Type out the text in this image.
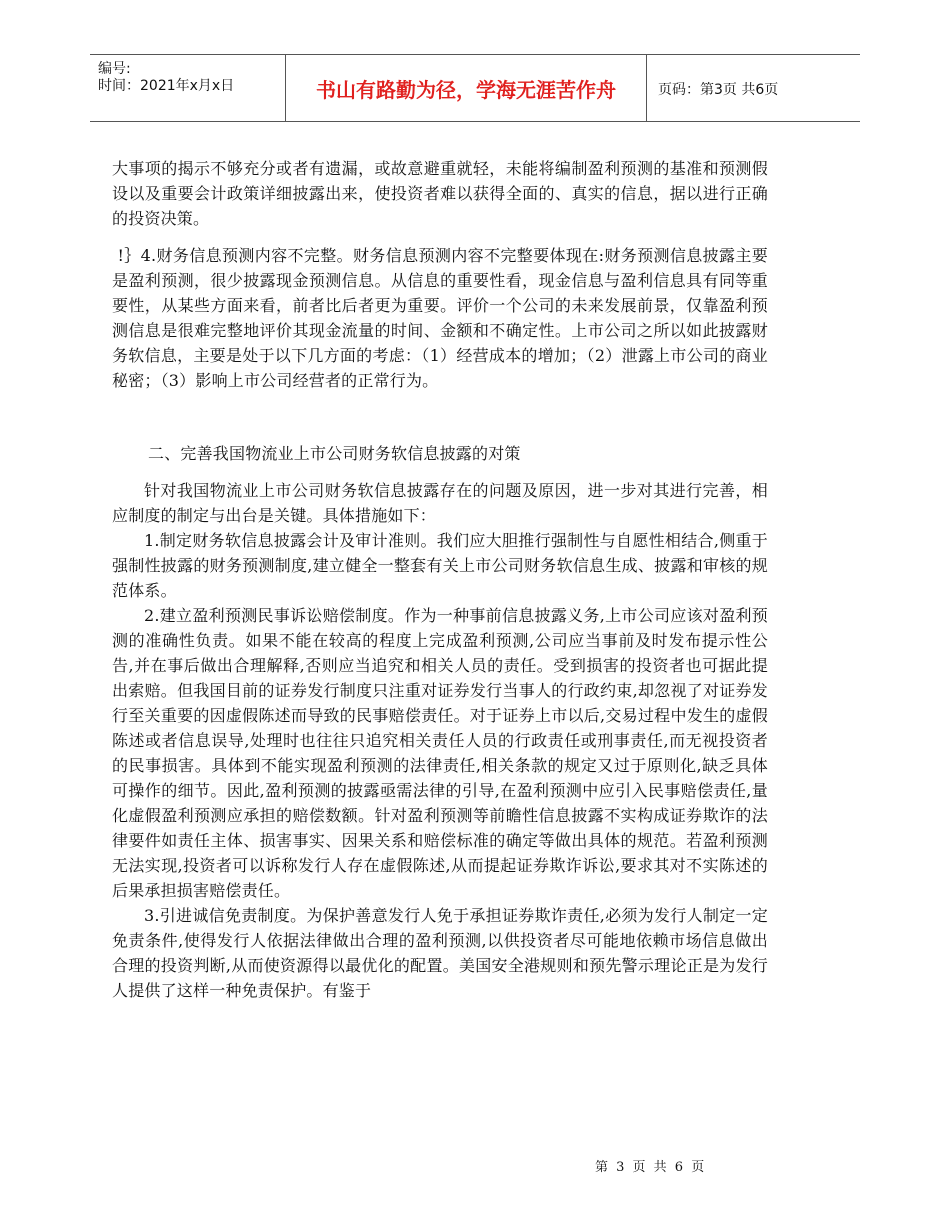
编号:
时间：2021年x月x日	书山有路勤为径，学海无涯苦作舟	页码：第3页 共6页

大事项的揭示不够充分或者有遗漏，或故意避重就轻，未能将编制盈利预测的基准和预测假设以及重要会计政策详细披露出来，使投资者难以获得全面的、真实的信息，据以进行正确的投资决策。

!｝4.财务信息预测内容不完整。财务信息预测内容不完整要体现在:财务预测信息披露主要是盈利预测，很少披露现金预测信息。从信息的重要性看，现金信息与盈利信息具有同等重要性，从某些方面来看，前者比后者更为重要。评价一个公司的未来发展前景，仅靠盈利预测信息是很难完整地评价其现金流量的时间、金额和不确定性。上市公司之所以如此披露财务软信息，主要是处于以下几方面的考虑：（1）经营成本的增加；（2）泄露上市公司的商业秘密；（3）影响上市公司经营者的正常行为。

二、完善我国物流业上市公司财务软信息披露的对策

针对我国物流业上市公司财务软信息披露存在的问题及原因，进一步对其进行完善，相应制度的制定与出台是关键。具体措施如下：

1.制定财务软信息披露会计及审计准则。我们应大胆推行强制性与自愿性相结合,侧重于强制性披露的财务预测制度,建立健全一整套有关上市公司财务软信息生成、披露和审核的规范体系。

2.建立盈利预测民事诉讼赔偿制度。作为一种事前信息披露义务,上市公司应该对盈利预测的准确性负责。如果不能在较高的程度上完成盈利预测,公司应当事前及时发布提示性公告,并在事后做出合理解释,否则应当追究和相关人员的责任。受到损害的投资者也可据此提出索赔。但我国目前的证券发行制度只注重对证券发行当事人的行政约束,却忽视了对证券发行至关重要的因虚假陈述而导致的民事赔偿责任。对于证券上市以后,交易过程中发生的虚假陈述或者信息误导,处理时也往往只追究相关责任人员的行政责任或刑事责任,而无视投资者的民事损害。具体到不能实现盈利预测的法律责任,相关条款的规定又过于原则化,缺乏具体可操作的细节。因此,盈利预测的披露亟需法律的引导,在盈利预测中应引入民事赔偿责任,量化虚假盈利预测应承担的赔偿数额。针对盈利预测等前瞻性信息披露不实构成证券欺诈的法律要件如责任主体、损害事实、因果关系和赔偿标准的确定等做出具体的规范。若盈利预测无法实现,投资者可以诉称发行人存在虚假陈述,从而提起证券欺诈诉讼,要求其对不实陈述的后果承担损害赔偿责任。

3.引进诚信免责制度。为保护善意发行人免于承担证券欺诈责任,必须为发行人制定一定免责条件,使得发行人依据法律做出合理的盈利预测,以供投资者尽可能地依赖市场信息做出合理的投资判断,从而使资源得以最优化的配置。美国安全港规则和预先警示理论正是为发行人提供了这样一种免责保护。有鉴于

第 3 页 共 6 页
